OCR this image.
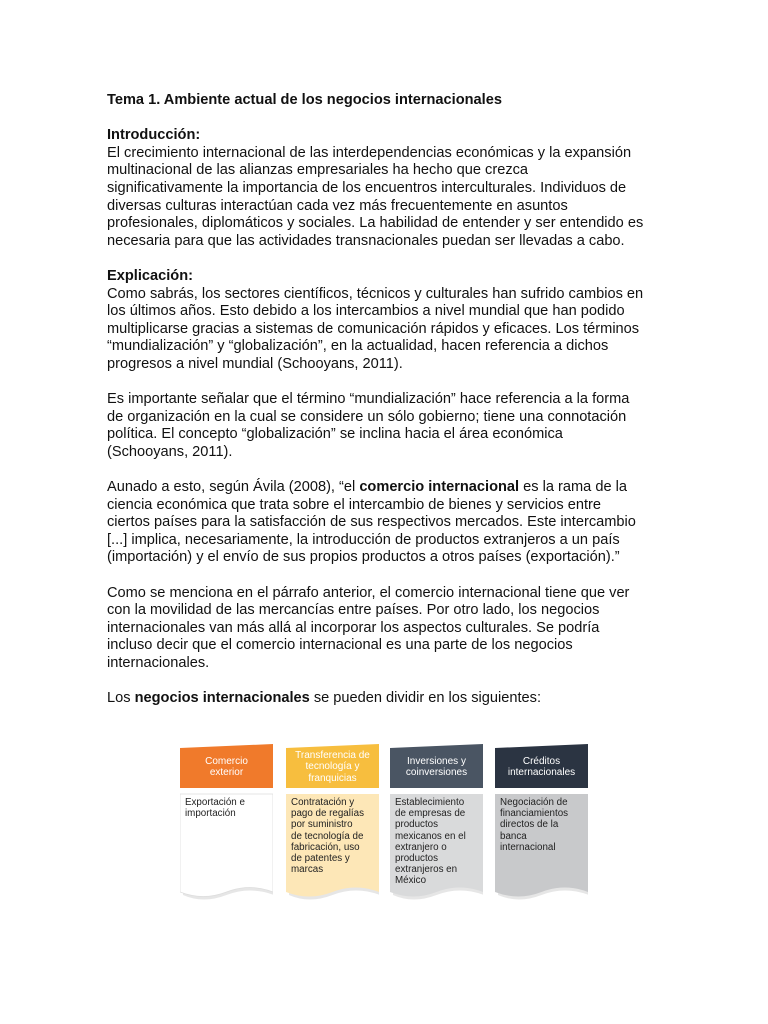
Tema 1. Ambiente actual de los negocios internacionales

Introducción:

El crecimiento internacional de las interdependencias económicas y la expansión

multinacional de las alianzas empresariales ha hecho que crezca

significativamente la importancia de los encuentros interculturales. Individuos de

diversas culturas interactúan cada vez más frecuentemente en asuntos

profesionales, diplomáticos y sociales. La habilidad de entender y ser entendido es

necesaria para que las actividades transnacionales puedan ser llevadas a cabo.

Explicación:

Como sabrás, los sectores científicos, técnicos y culturales han sufrido cambios en

los últimos años. Esto debido a los intercambios a nivel mundial que han podido

multiplicarse gracias a sistemas de comunicación rápidos y eficaces. Los términos

“mundialización” y “globalización”, en la actualidad, hacen referencia a dichos

progresos a nivel mundial (Schooyans, 2011).

Es importante señalar que el término “mundialización” hace referencia a la forma

de organización en la cual se considere un sólo gobierno; tiene una connotación

política. El concepto “globalización” se inclina hacia el área económica

(Schooyans, 2011).

Aunado a esto, según Ávila (2008), “el comercio internacional es la rama de la

ciencia económica que trata sobre el intercambio de bienes y servicios entre

ciertos países para la satisfacción de sus respectivos mercados. Este intercambio

[...] implica, necesariamente, la introducción de productos extranjeros a un país

(importación) y el envío de sus propios productos a otros países (exportación).”

Como se menciona en el párrafo anterior, el comercio internacional tiene que ver

con la movilidad de las mercancías entre países. Por otro lado, los negocios

internacionales van más allá al incorporar los aspectos culturales. Se podría

incluso decir que el comercio internacional es una parte de los negocios

internacionales.

Los negocios internacionales se pueden dividir en los siguientes:

Comercio
exterior
Exportación e
importación
Transferencia de
tecnología y
franquicias
Contratación y
pago de regalías
por suministro
de tecnología de
fabricación, uso
de patentes y
marcas
Inversiones y
coinversiones
Establecimiento
de empresas de
productos
mexicanos en el
extranjero o
productos
extranjeros en
México
Créditos
internacionales
Negociación de
financiamientos
directos de la
banca
internacional
